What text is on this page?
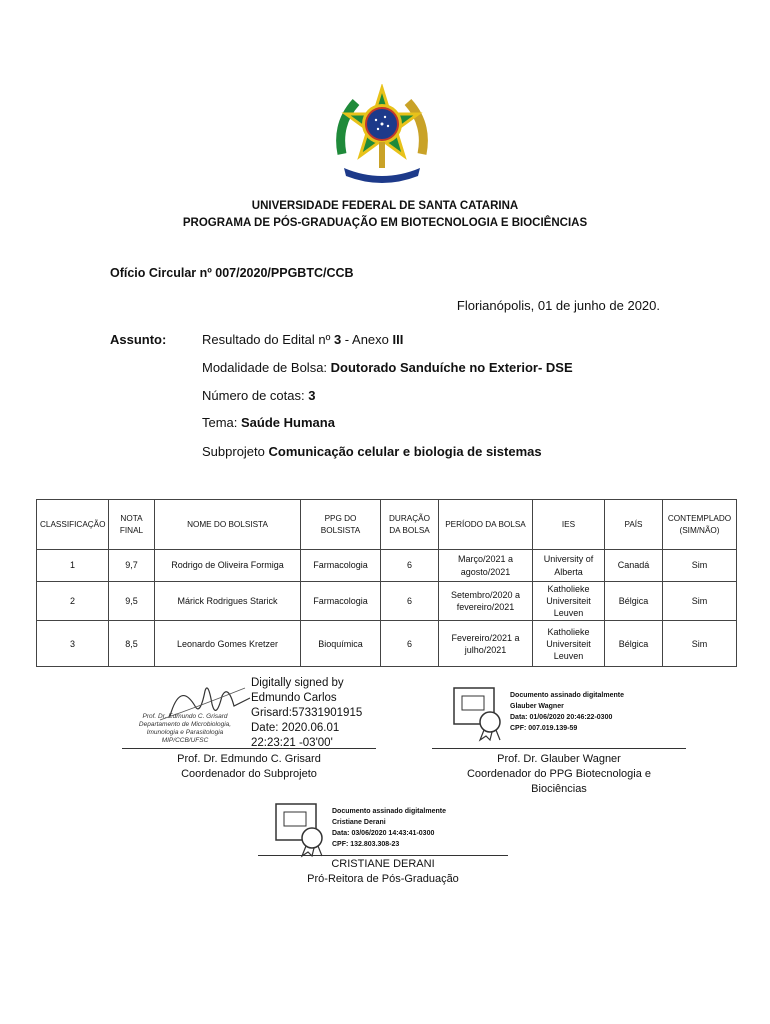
UNIVERSIDADE FEDERAL DE SANTA CATARINA
PROGRAMA DE PÓS-GRADUAÇÃO EM BIOTECNOLOGIA E BIOCIÊNCIAS
Ofício Circular nº 007/2020/PPGBTC/CCB
Florianópolis, 01 de junho de 2020.
Assunto:	Resultado do Edital nº 3 - Anexo III
Modalidade de Bolsa: Doutorado Sanduíche no Exterior- DSE
Número de cotas: 3
Tema: Saúde Humana
Subprojeto Comunicação celular e biologia de sistemas
CLASSIFICAÇÃO	NOTA FINAL	NOME DO BOLSISTA	PPG DO BOLSISTA	DURAÇÃO DA BOLSA	PERÍODO DA BOLSA	IES	PAÍS	CONTEMPLADO (SIM/NÃO)
1	9,7	Rodrigo de Oliveira Formiga	Farmacologia	6	Março/2021 a agosto/2021	University of Alberta	Canadá	Sim
2	9,5	Márick Rodrigues Starick	Farmacologia	6	Setembro/2020 a fevereiro/2021	Katholieke Universiteit Leuven	Bélgica	Sim
3	8,5	Leonardo Gomes Kretzer	Bioquímica	6	Fevereiro/2021 a julho/2021	Katholieke Universiteit Leuven	Bélgica	Sim
Prof. Dr. Edmundo C. Grisard
Departamento de Microbiologia,
Imunologia e Parasitologia
MIP/CCB/UFSC
Digitally signed by
Edmundo Carlos
Grisard:57331901915
Date: 2020.06.01
22:23:21 -03'00'
Prof. Dr. Edmundo C. Grisard
Coordenador do Subprojeto
Documento assinado digitalmente
Glauber Wagner
Data: 01/06/2020 20:46:22-0300
CPF: 007.019.139-59
Prof. Dr. Glauber Wagner
Coordenador do PPG Biotecnologia e
Biociências
Documento assinado digitalmente
Cristiane Derani
Data: 03/06/2020 14:43:41-0300
CPF: 132.803.308-23
CRISTIANE DERANI
Pró-Reitora de Pós-Graduação
